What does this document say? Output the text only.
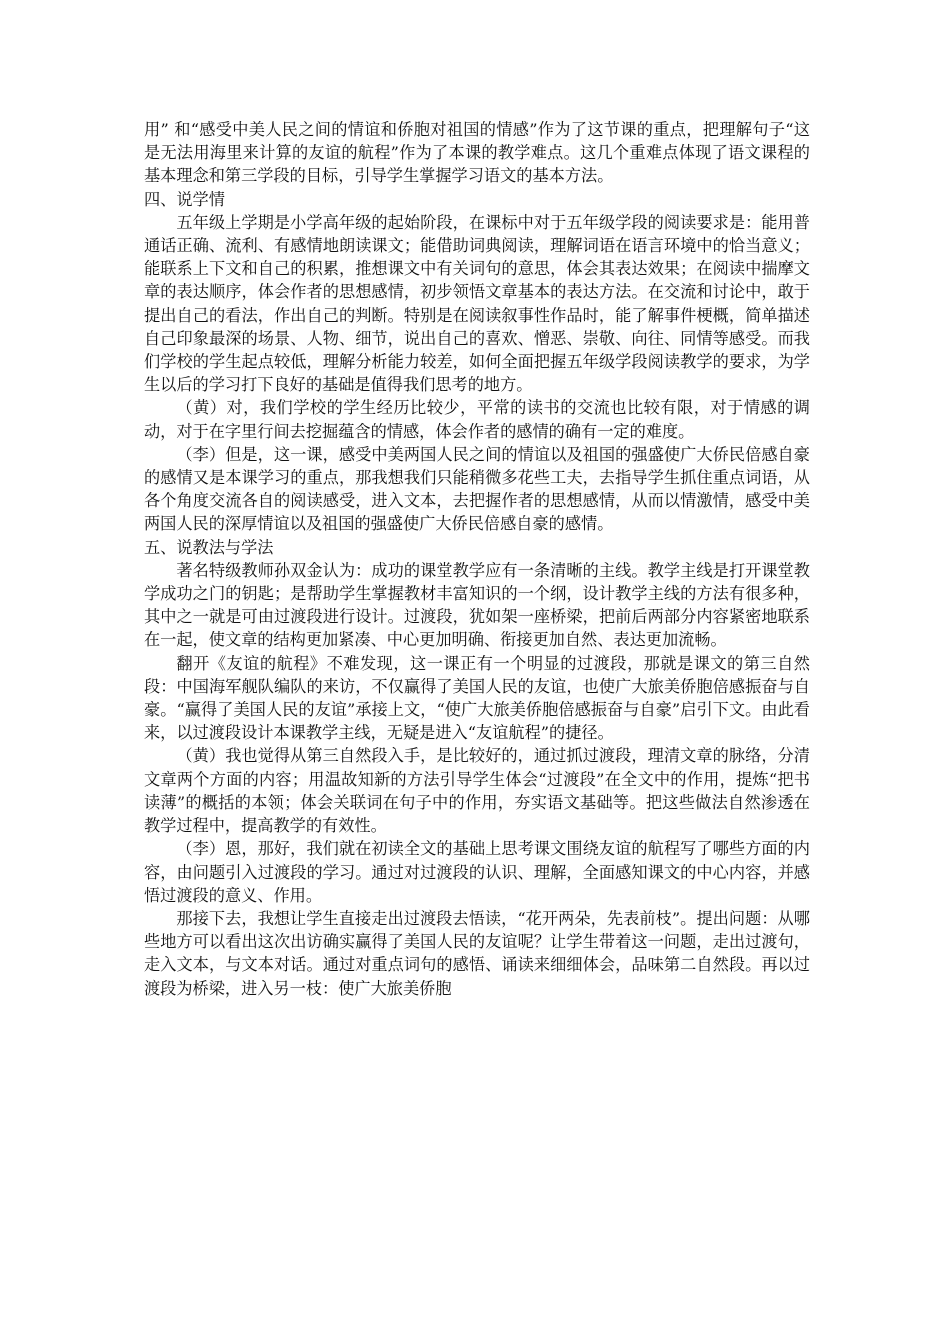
用” 和“感受中美人民之间的情谊和侨胞对祖国的情感”作为了这节课的重点，把理解句子“这是无法用海里来计算的友谊的航程”作为了本课的教学难点。这几个重难点体现了语文课程的基本理念和第三学段的目标，引导学生掌握学习语文的基本方法。

四、说学情

五年级上学期是小学高年级的起始阶段，在课标中对于五年级学段的阅读要求是：能用普通话正确、流利、有感情地朗读课文；能借助词典阅读，理解词语在语言环境中的恰当意义；能联系上下文和自己的积累，推想课文中有关词句的意思，体会其表达效果；在阅读中揣摩文章的表达顺序，体会作者的思想感情，初步领悟文章基本的表达方法。在交流和讨论中，敢于提出自己的看法，作出自己的判断。特别是在阅读叙事性作品时，能了解事件梗概，简单描述自己印象最深的场景、人物、细节，说出自己的喜欢、憎恶、崇敬、向往、同情等感受。而我们学校的学生起点较低，理解分析能力较差，如何全面把握五年级学段阅读教学的要求，为学生以后的学习打下良好的基础是值得我们思考的地方。

（黄）对，我们学校的学生经历比较少，平常的读书的交流也比较有限，对于情感的调动，对于在字里行间去挖掘蕴含的情感，体会作者的感情的确有一定的难度。

（李）但是，这一课，感受中美两国人民之间的情谊以及祖国的强盛使广大侨民倍感自豪的感情又是本课学习的重点，那我想我们只能稍微多花些工夫，去指导学生抓住重点词语，从各个角度交流各自的阅读感受，进入文本，去把握作者的思想感情，从而以情激情，感受中美两国人民的深厚情谊以及祖国的强盛使广大侨民倍感自豪的感情。

五、说教法与学法

著名特级教师孙双金认为：成功的课堂教学应有一条清晰的主线。教学主线是打开课堂教学成功之门的钥匙；是帮助学生掌握教材丰富知识的一个纲，设计教学主线的方法有很多种，其中之一就是可由过渡段进行设计。过渡段，犹如架一座桥梁，把前后两部分内容紧密地联系在一起，使文章的结构更加紧凑、中心更加明确、衔接更加自然、表达更加流畅。

翻开《友谊的航程》不难发现，这一课正有一个明显的过渡段，那就是课文的第三自然段：中国海军舰队编队的来访，不仅赢得了美国人民的友谊，也使广大旅美侨胞倍感振奋与自豪。“赢得了美国人民的友谊”承接上文，“使广大旅美侨胞倍感振奋与自豪”启引下文。由此看来，以过渡段设计本课教学主线，无疑是进入“友谊航程”的捷径。

（黄）我也觉得从第三自然段入手，是比较好的，通过抓过渡段，理清文章的脉络，分清文章两个方面的内容；用温故知新的方法引导学生体会“过渡段”在全文中的作用，提炼“把书读薄”的概括的本领；体会关联词在句子中的作用，夯实语文基础等。把这些做法自然渗透在教学过程中，提高教学的有效性。

（李）恩，那好，我们就在初读全文的基础上思考课文围绕友谊的航程写了哪些方面的内容，由问题引入过渡段的学习。通过对过渡段的认识、理解，全面感知课文的中心内容，并感悟过渡段的意义、作用。

那接下去，我想让学生直接走出过渡段去悟读，“花开两朵，先表前枝”。提出问题：从哪些地方可以看出这次出访确实赢得了美国人民的友谊呢？让学生带着这一问题，走出过渡句，走入文本，与文本对话。通过对重点词句的感悟、诵读来细细体会，品味第二自然段。再以过渡段为桥梁，进入另一枝：使广大旅美侨胞
